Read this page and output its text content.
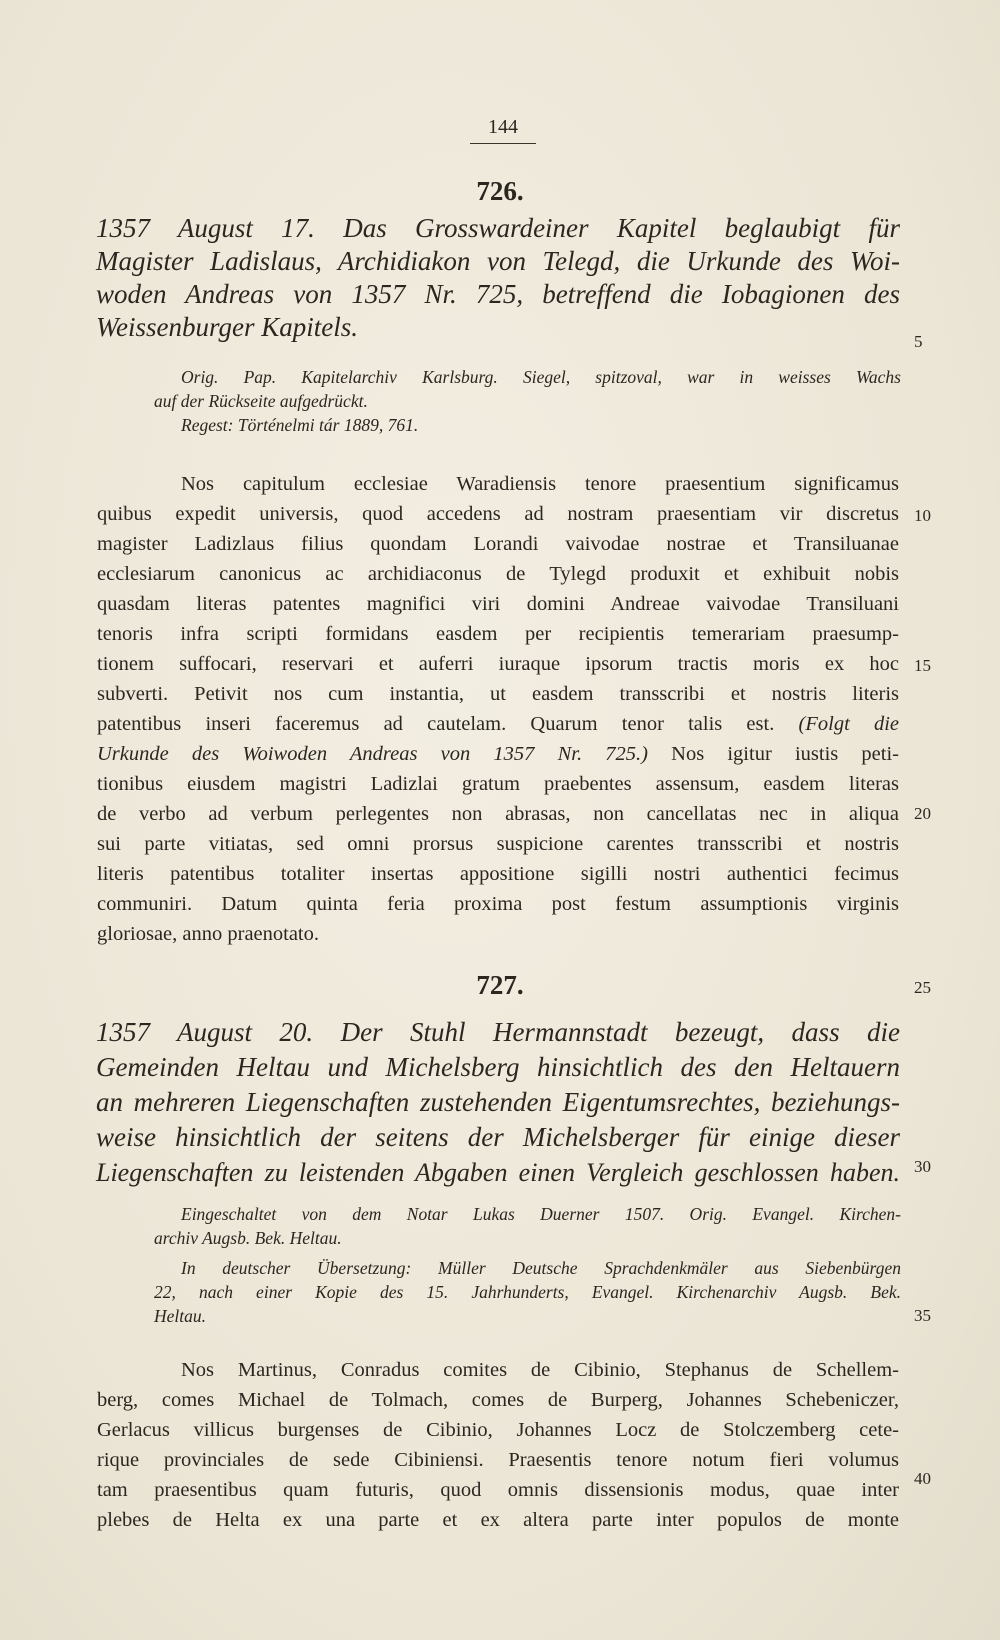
144
726.
1357 August 17. Das Grosswardeiner Kapitel beglaubigt für
Magister Ladislaus, Archidiakon von Telegd, die Urkunde des Woi-
woden Andreas von 1357 Nr. 725, betreffend die Iobagionen des
Weissenburger Kapitels.
Orig. Pap. Kapitelarchiv Karlsburg. Siegel, spitzoval, war in weisses Wachs
auf der Rückseite aufgedrückt.
Regest: Történelmi tár 1889, 761.
Nos capitulum ecclesiae Waradiensis tenore praesentium significamus
quibus expedit universis, quod accedens ad nostram praesentiam vir discretus
magister Ladizlaus filius quondam Lorandi vaivodae nostrae et Transiluanae
ecclesiarum canonicus ac archidiaconus de Tylegd produxit et exhibuit nobis
quasdam literas patentes magnifici viri domini Andreae vaivodae Transiluani
tenoris infra scripti formidans easdem per recipientis temerariam praesump-
tionem suffocari, reservari et auferri iuraque ipsorum tractis moris ex hoc
subverti. Petivit nos cum instantia, ut easdem transscribi et nostris literis
patentibus inseri faceremus ad cautelam. Quarum tenor talis est. (Folgt die
Urkunde des Woiwoden Andreas von 1357 Nr. 725.) Nos igitur iustis peti-
tionibus eiusdem magistri Ladizlai gratum praebentes assensum, easdem literas
de verbo ad verbum perlegentes non abrasas, non cancellatas nec in aliqua
sui parte vitiatas, sed omni prorsus suspicione carentes transscribi et nostris
literis patentibus totaliter insertas appositione sigilli nostri authentici fecimus
communiri. Datum quinta feria proxima post festum assumptionis virginis
gloriosae, anno praenotato.
727.
1357 August 20. Der Stuhl Hermannstadt bezeugt, dass die
Gemeinden Heltau und Michelsberg hinsichtlich des den Heltauern
an mehreren Liegenschaften zustehenden Eigentumsrechtes, beziehungs-
weise hinsichtlich der seitens der Michelsberger für einige dieser
Liegenschaften zu leistenden Abgaben einen Vergleich geschlossen haben.
Eingeschaltet von dem Notar Lukas Duerner 1507. Orig. Evangel. Kirchen-
archiv Augsb. Bek. Heltau.
In deutscher Übersetzung: Müller Deutsche Sprachdenkmäler aus Siebenbürgen
22, nach einer Kopie des 15. Jahrhunderts, Evangel. Kirchenarchiv Augsb. Bek.
Heltau.
Nos Martinus, Conradus comites de Cibinio, Stephanus de Schellem-
berg, comes Michael de Tolmach, comes de Burperg, Johannes Schebeniczer,
Gerlacus villicus burgenses de Cibinio, Johannes Locz de Stolczemberg cete-
rique provinciales de sede Cibiniensi. Praesentis tenore notum fieri volumus
tam praesentibus quam futuris, quod omnis dissensionis modus, quae inter
plebes de Helta ex una parte et ex altera parte inter populos de monte
5
10
15
20
25
30
35
40
